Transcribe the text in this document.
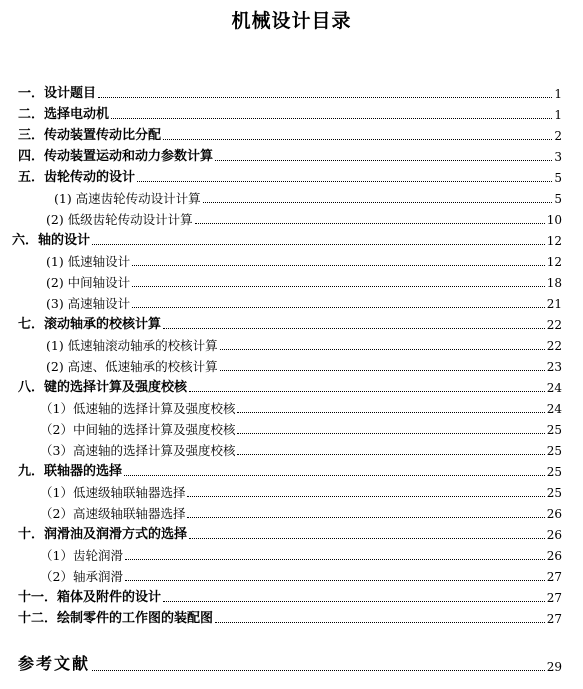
机械设计目录
一．设计题目	1
二．选择电动机	1
三．传动装置传动比分配	2
四．传动装置运动和动力参数计算	3
五．齿轮传动的设计	5
(1) 高速齿轮传动设计计算	5
(2) 低级齿轮传动设计计算	10
六．轴的设计	12
(1) 低速轴设计	12
(2) 中间轴设计	18
(3) 高速轴设计	21
七．滚动轴承的校核计算	22
(1) 低速轴滚动轴承的校核计算	22
(2) 高速、低速轴承的校核计算	23
八．键的选择计算及强度校核	24
（1）低速轴的选择计算及强度校核	24
（2）中间轴的选择计算及强度校核	25
（3）高速轴的选择计算及强度校核	25
九．联轴器的选择	25
（1）低速级轴联轴器选择	25
（2）高速级轴联轴器选择	26
十．润滑油及润滑方式的选择	26
（1）齿轮润滑	26
（2）轴承润滑	27
十一．箱体及附件的设计	27
十二．绘制零件的工作图的装配图	27
参考文献	29
